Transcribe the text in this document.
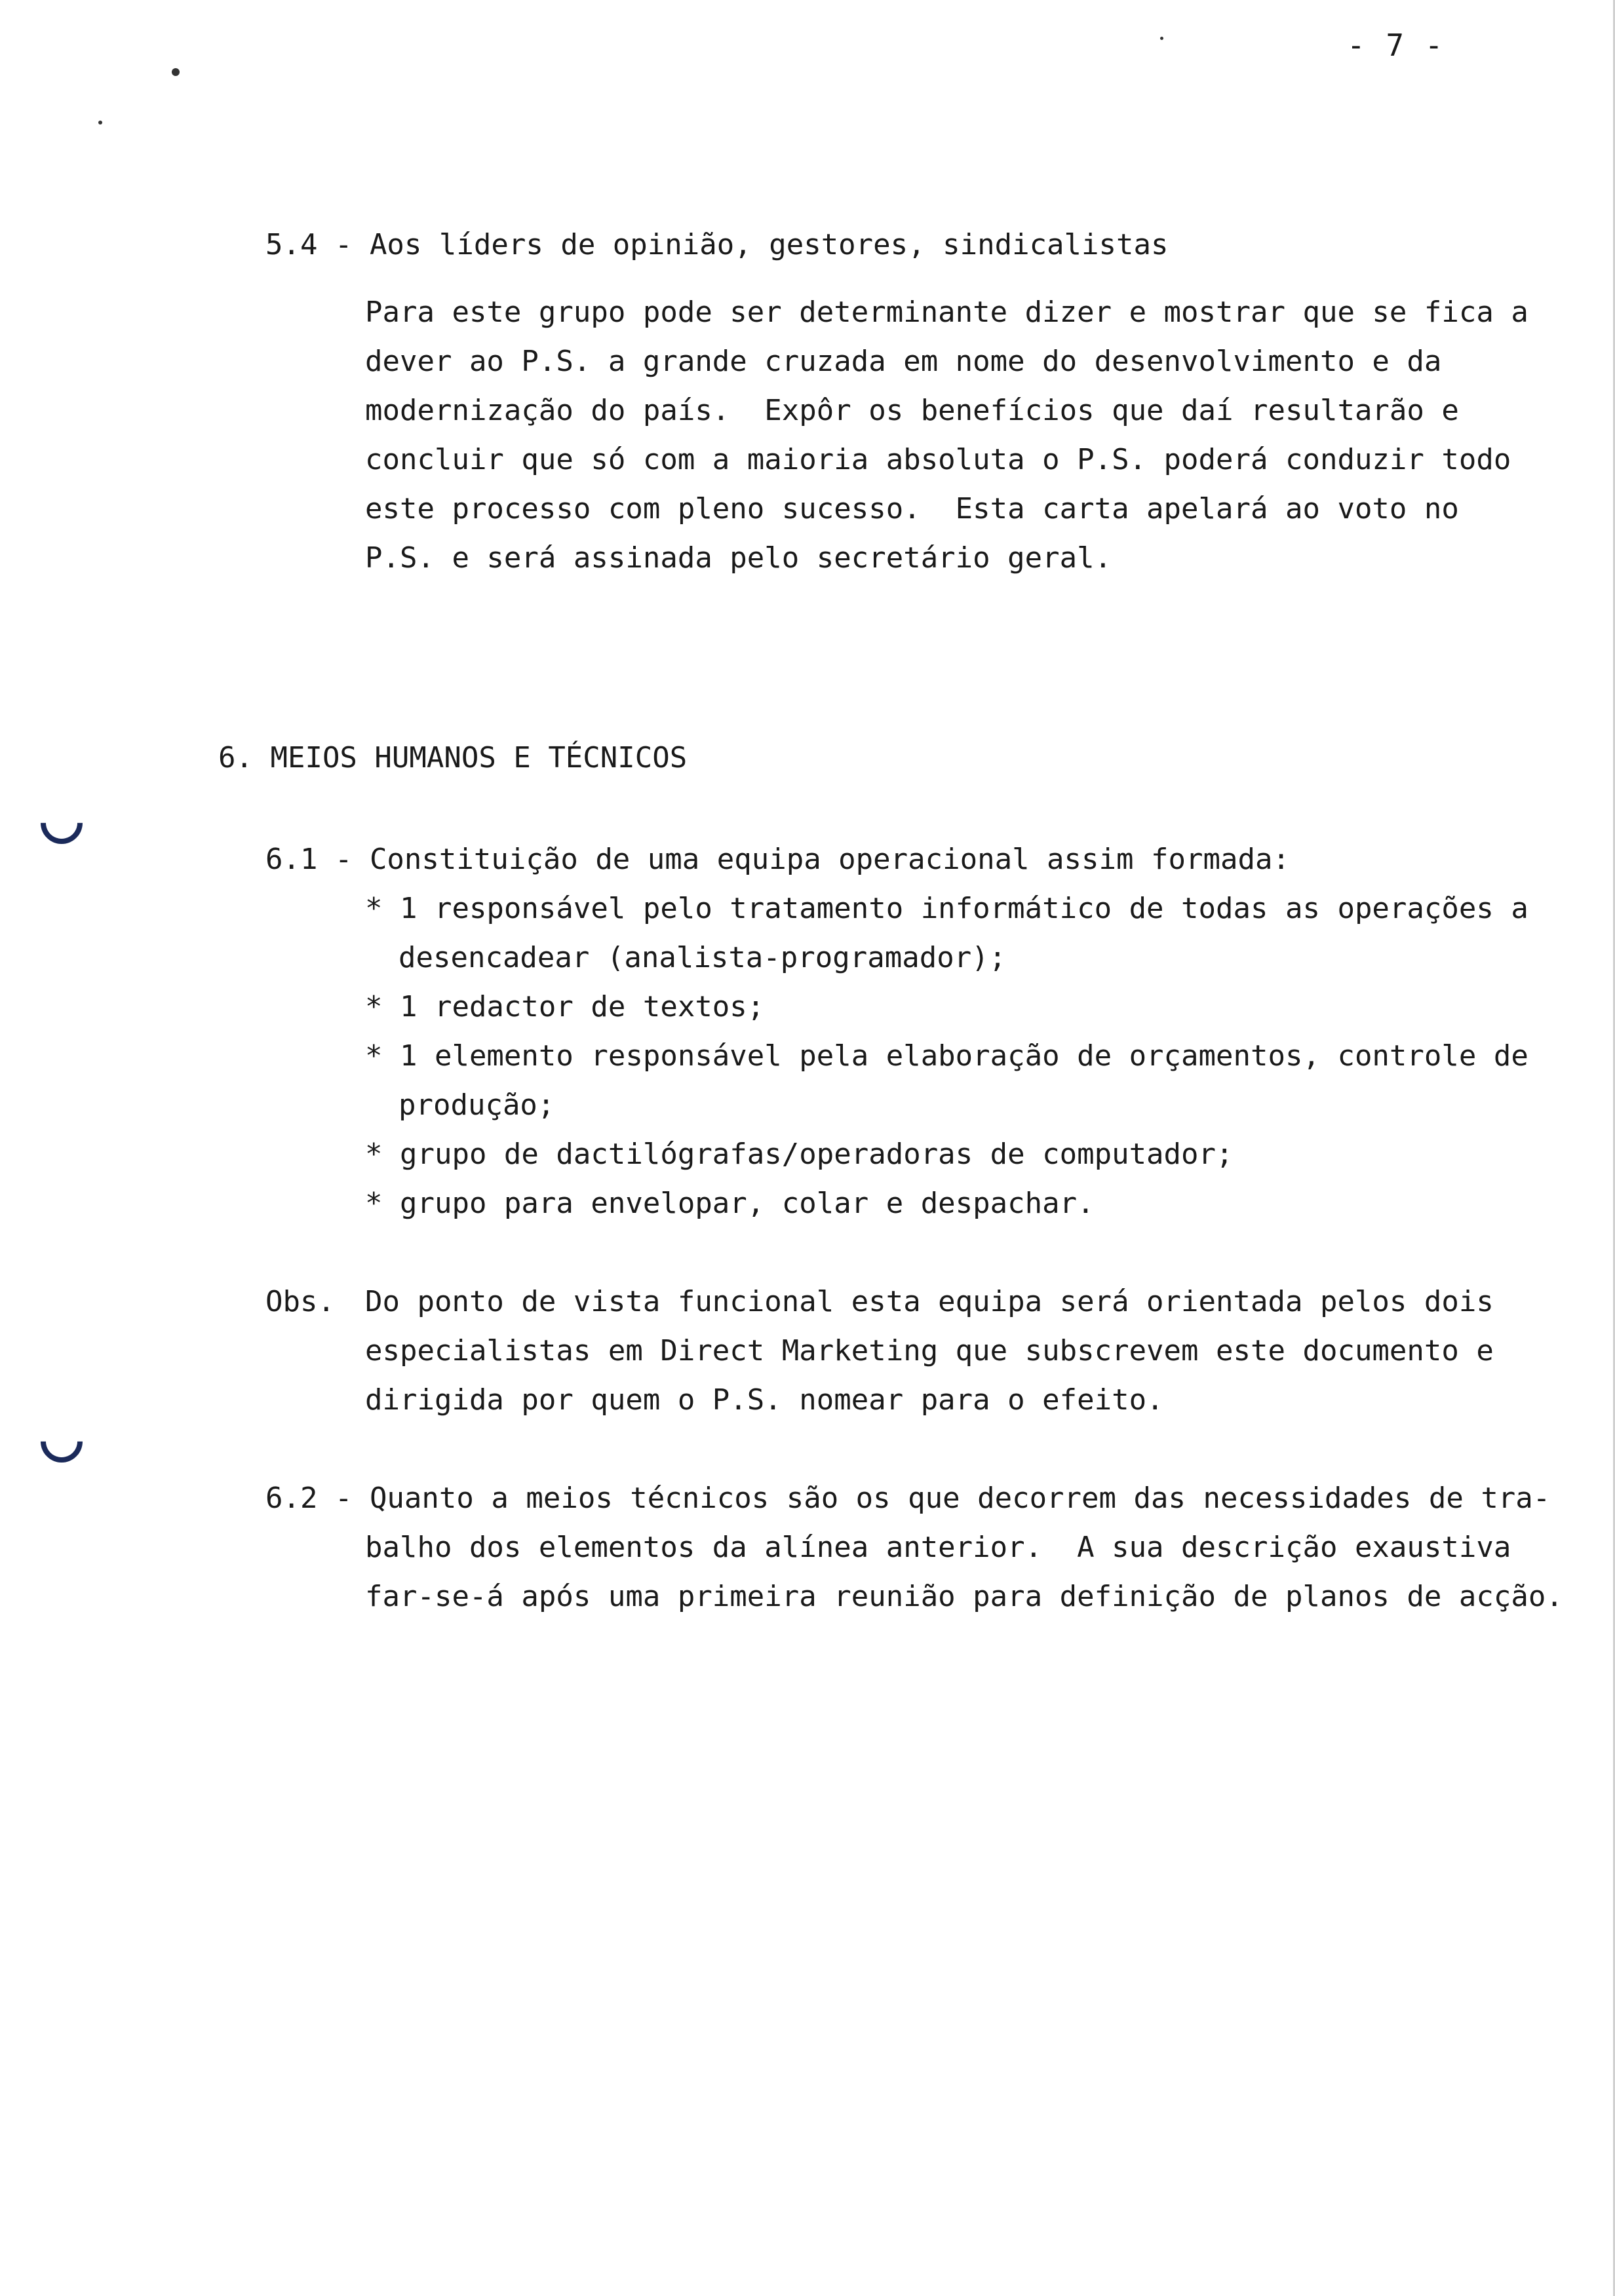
- 7 -
5.4 - Aos líders de opinião, gestores, sindicalistas
Para este grupo pode ser determinante dizer e mostrar que se fica a
dever ao P.S. a grande cruzada em nome do desenvolvimento e da
modernização do país.  Expôr os benefícios que daí resultarão e
concluir que só com a maioria absoluta o P.S. poderá conduzir todo
este processo com pleno sucesso.  Esta carta apelará ao voto no
P.S. e será assinada pelo secretário geral.
6. MEIOS HUMANOS E TÉCNICOS
6.1 - Constituição de uma equipa operacional assim formada:
* 1 responsável pelo tratamento informático de todas as operações a
desencadear (analista-programador);
* 1 redactor de textos;
* 1 elemento responsável pela elaboração de orçamentos, controle de
produção;
* grupo de dactilógrafas/operadoras de computador;
* grupo para envelopar, colar e despachar.
Obs. Do ponto de vista funcional esta equipa será orientada pelos dois
especialistas em Direct Marketing que subscrevem este documento e
dirigida por quem o P.S. nomear para o efeito.
6.2 - Quanto a meios técnicos são os que decorrem das necessidades de tra-
balho dos elementos da alínea anterior.  A sua descrição exaustiva
far-se-á após uma primeira reunião para definição de planos de acção.
